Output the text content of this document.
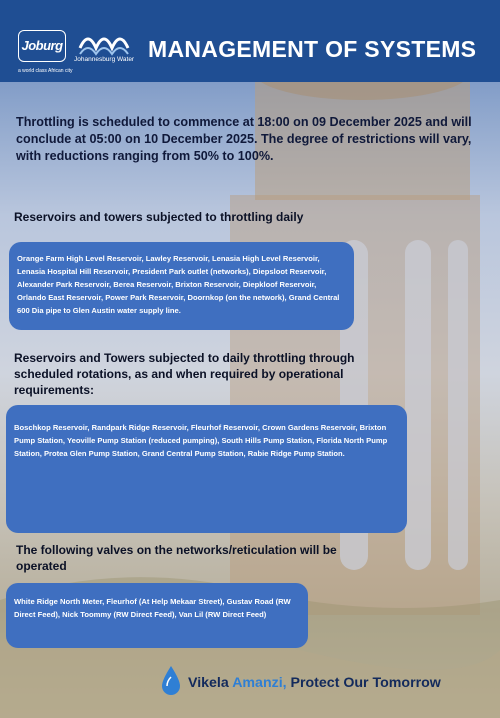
Joburg
a world class African city
Johannesburg Water MANAGEMENT OF SYSTEMS
Throttling is scheduled to commence at 18:00 on 09 December 2025 and will conclude at 05:00 on 10 December 2025. The degree of restrictions will vary, with reductions ranging from 50% to 100%.
Reservoirs and towers subjected to throttling daily
Orange Farm High Level Reservoir, Lawley Reservoir, Lenasia High Level Reservoir, Lenasia Hospital Hill Reservoir, President Park outlet (networks), Diepsloot Reservoir, Alexander Park Reservoir, Berea Reservoir, Brixton Reservoir, Diepkloof Reservoir, Orlando East Reservoir, Power Park Reservoir, Doornkop (on the network), Grand Central 600 Dia pipe to Glen Austin water supply line.
Reservoirs and Towers subjected to daily throttling through scheduled rotations, as and when required by operational requirements:
Boschkop Reservoir, Randpark Ridge Reservoir, Fleurhof Reservoir, Crown Gardens Reservoir, Brixton Pump Station, Yeoville Pump Station (reduced pumping), South Hills Pump Station, Florida North Pump Station, Protea Glen Pump Station, Grand Central Pump Station, Rabie Ridge Pump Station.
The following valves on the networks/reticulation will be operated
White Ridge North Meter, Fleurhof (At Help Mekaar Street), Gustav Road (RW Direct Feed), Nick Toommy (RW Direct Feed), Van Lil (RW Direct Feed)
Vikela Amanzi, Protect Our Tomorrow
